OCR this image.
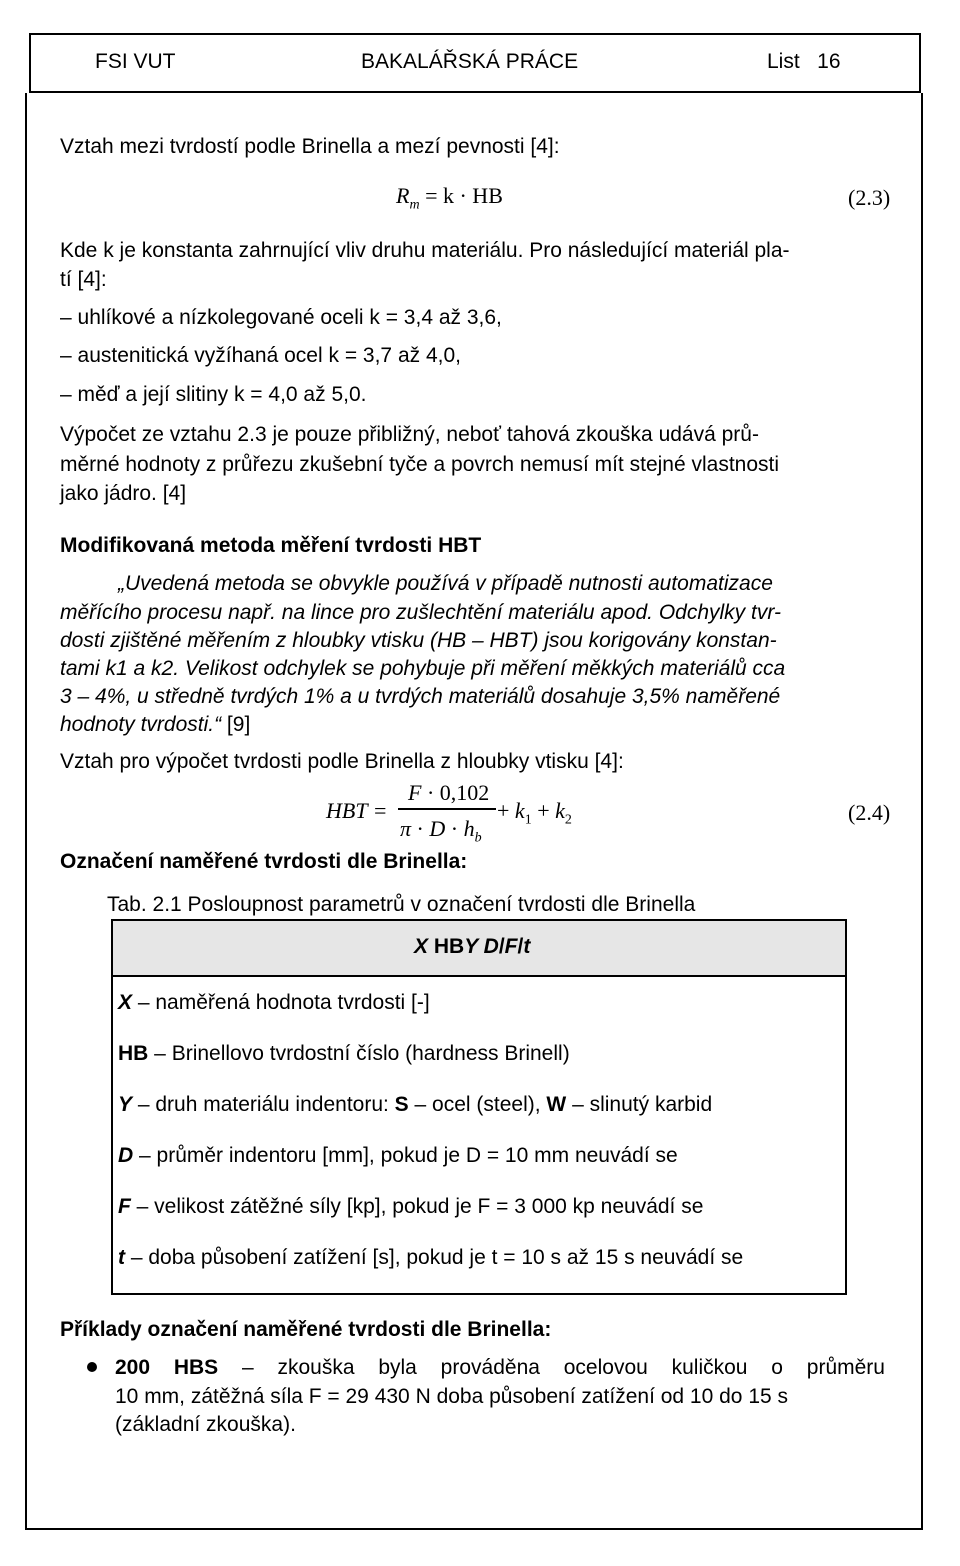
FSI VUT	BAKALÁŘSKÁ PRÁCE	List   16
Vztah mezi tvrdostí podle Brinella a mezí pevnosti [4]:
$R_m = k$ · HB	(2.3)
Kde k je konstanta zahrnující vliv druhu materiálu. Pro následující materiál pla-
tí [4]:
– uhlíkové a nízkolegované oceli k = 3,4 až 3,6,
– austenitická vyžíhaná ocel k = 3,7 až 4,0,
– měď a její slitiny k = 4,0 až 5,0.
Výpočet ze vztahu 2.3 je pouze přibližný, neboť tahová zkouška udává prů-
měrné hodnoty z průřezu zkušební tyče a povrch nemusí mít stejné vlastnosti
jako jádro. [4]
Modifikovaná metoda měření tvrdosti HBT
„Uvedená metoda se obvykle používá v případě nutnosti automatizace
měřícího procesu např. na lince pro zušlechtění materiálu apod. Odchylky tvr-
dosti zjištěné měřením z hloubky vtisku (HB – HBT) jsou korigovány konstan-
tami k1 a k2. Velikost odchylek se pohybuje při měření měkkých materiálů cca
3 – 4%, u středně tvrdých 1% a u tvrdých materiálů dosahuje 3,5% naměřené
hodnoty tvrdosti.“ [9]
Vztah pro výpočet tvrdosti podle Brinella z hloubky vtisku [4]:
HBT =
F · 0,102
$\pi \cdot D \cdot h_b$
+ $k_1 + k_2$	(2.4)
Označení naměřené tvrdosti dle Brinella:
Tab. 2.1 Posloupnost parametrů v označení tvrdosti dle Brinella
X HBY D/F/t
X – naměřená hodnota tvrdosti [-]
HB – Brinellovo tvrdostní číslo (hardness Brinell)
Y – druh materiálu indentoru: S – ocel (steel), W – slinutý karbid
D – průměr indentoru [mm], pokud je D = 10 mm neuvádí se
F – velikost zátěžné síly [kp], pokud je F = 3 000 kp neuvádí se
t – doba působení zatížení [s], pokud je t = 10 s až 15 s neuvádí se
Příklady označení naměřené tvrdosti dle Brinella:
200 HBS – zkouška byla prováděna ocelovou kuličkou o průměru
10 mm, zátěžná síla F = 29 430 N doba působení zatížení od 10 do 15 s
(základní zkouška).
